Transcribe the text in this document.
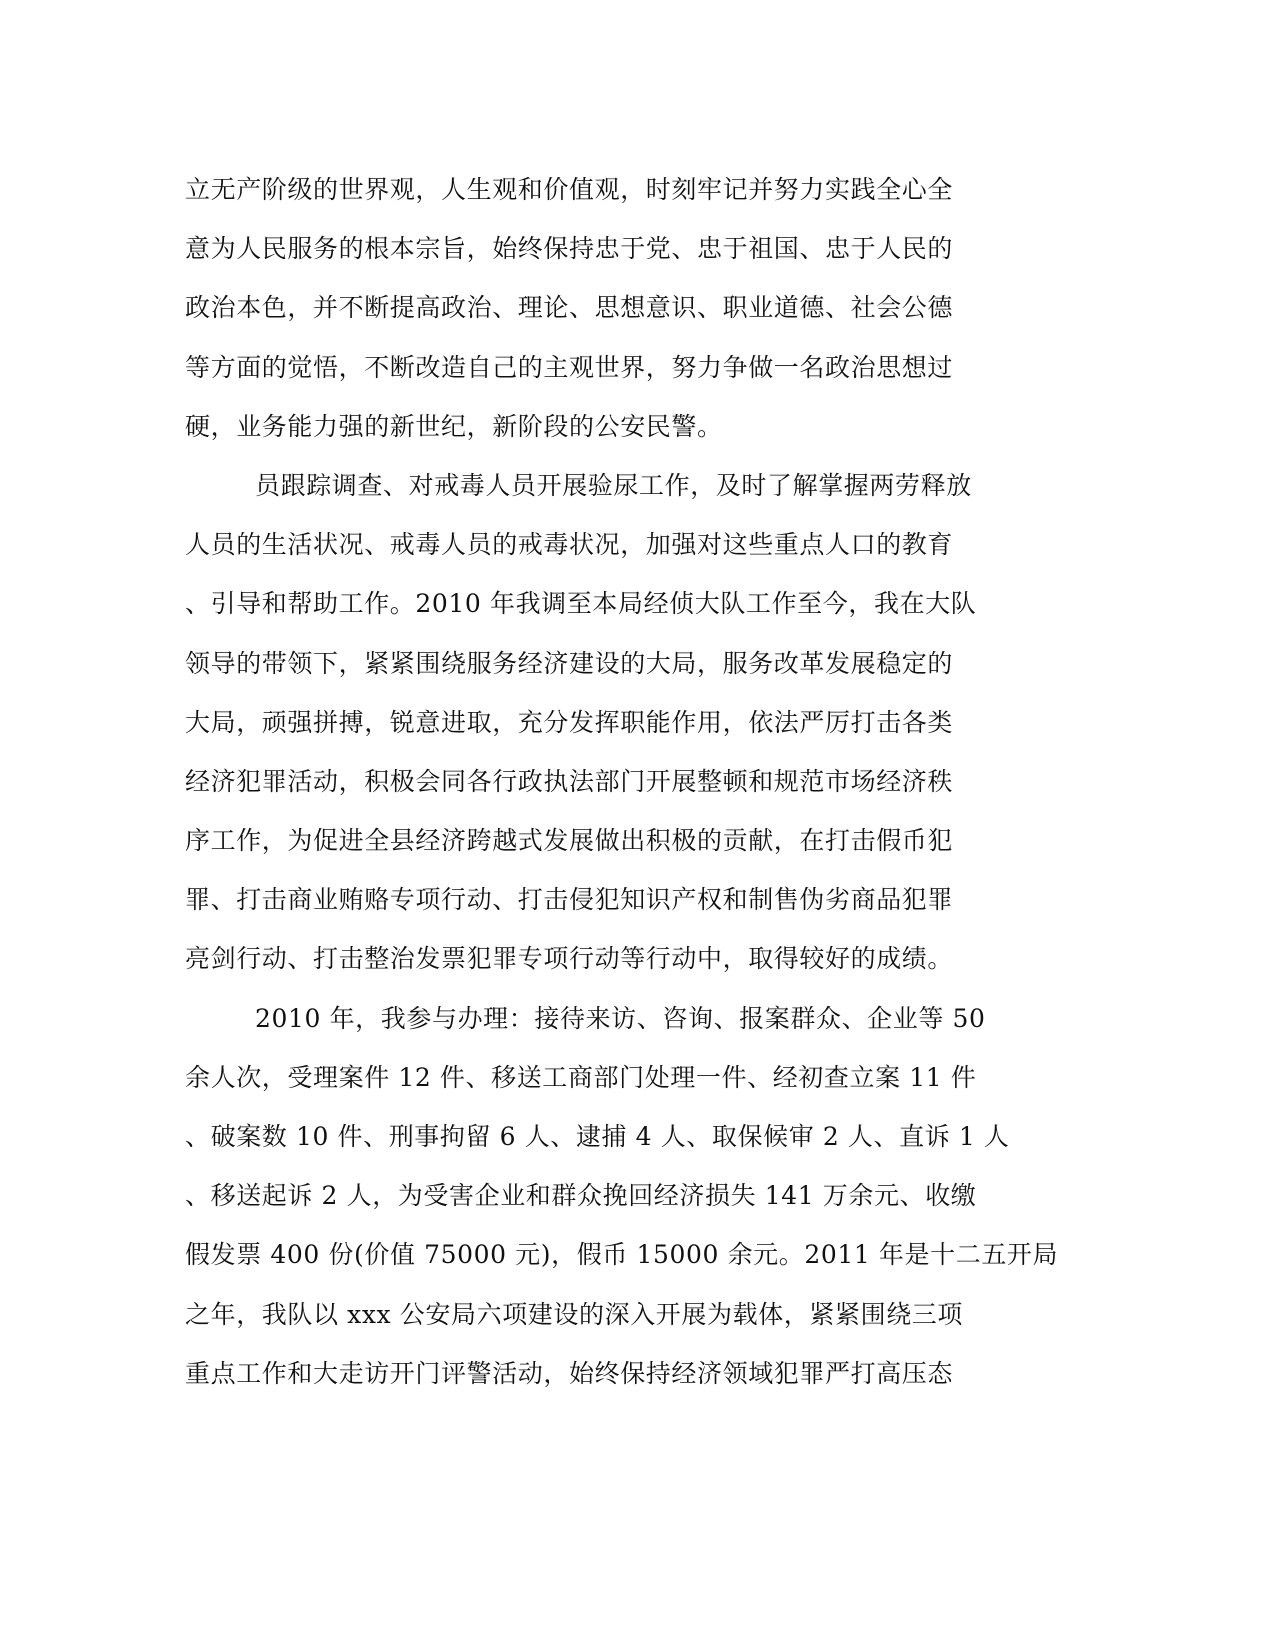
立无产阶级的世界观，人生观和价值观，时刻牢记并努力实践全心全
意为人民服务的根本宗旨，始终保持忠于党、忠于祖国、忠于人民的
政治本色，并不断提高政治、理论、思想意识、职业道德、社会公德
等方面的觉悟，不断改造自己的主观世界，努力争做一名政治思想过
硬，业务能力强的新世纪，新阶段的公安民警。
员跟踪调查、对戒毒人员开展验尿工作，及时了解掌握两劳释放
人员的生活状况、戒毒人员的戒毒状况，加强对这些重点人口的教育
、引导和帮助工作。2010 年我调至本局经侦大队工作至今，我在大队
领导的带领下，紧紧围绕服务经济建设的大局，服务改革发展稳定的
大局，顽强拼搏，锐意进取，充分发挥职能作用，依法严厉打击各类
经济犯罪活动，积极会同各行政执法部门开展整顿和规范市场经济秩
序工作，为促进全县经济跨越式发展做出积极的贡献，在打击假币犯
罪、打击商业贿赂专项行动、打击侵犯知识产权和制售伪劣商品犯罪
亮剑行动、打击整治发票犯罪专项行动等行动中，取得较好的成绩。
2010 年，我参与办理：接待来访、咨询、报案群众、企业等 50
余人次，受理案件 12 件、移送工商部门处理一件、经初查立案 11 件
、破案数 10 件、刑事拘留 6 人、逮捕 4 人、取保候审 2 人、直诉 1 人
、移送起诉 2 人，为受害企业和群众挽回经济损失 141 万余元、收缴
假发票 400 份(价值 75000 元)，假币 15000 余元。2011 年是十二五开局
之年，我队以 xxx 公安局六项建设的深入开展为载体，紧紧围绕三项
重点工作和大走访开门评警活动，始终保持经济领域犯罪严打高压态
